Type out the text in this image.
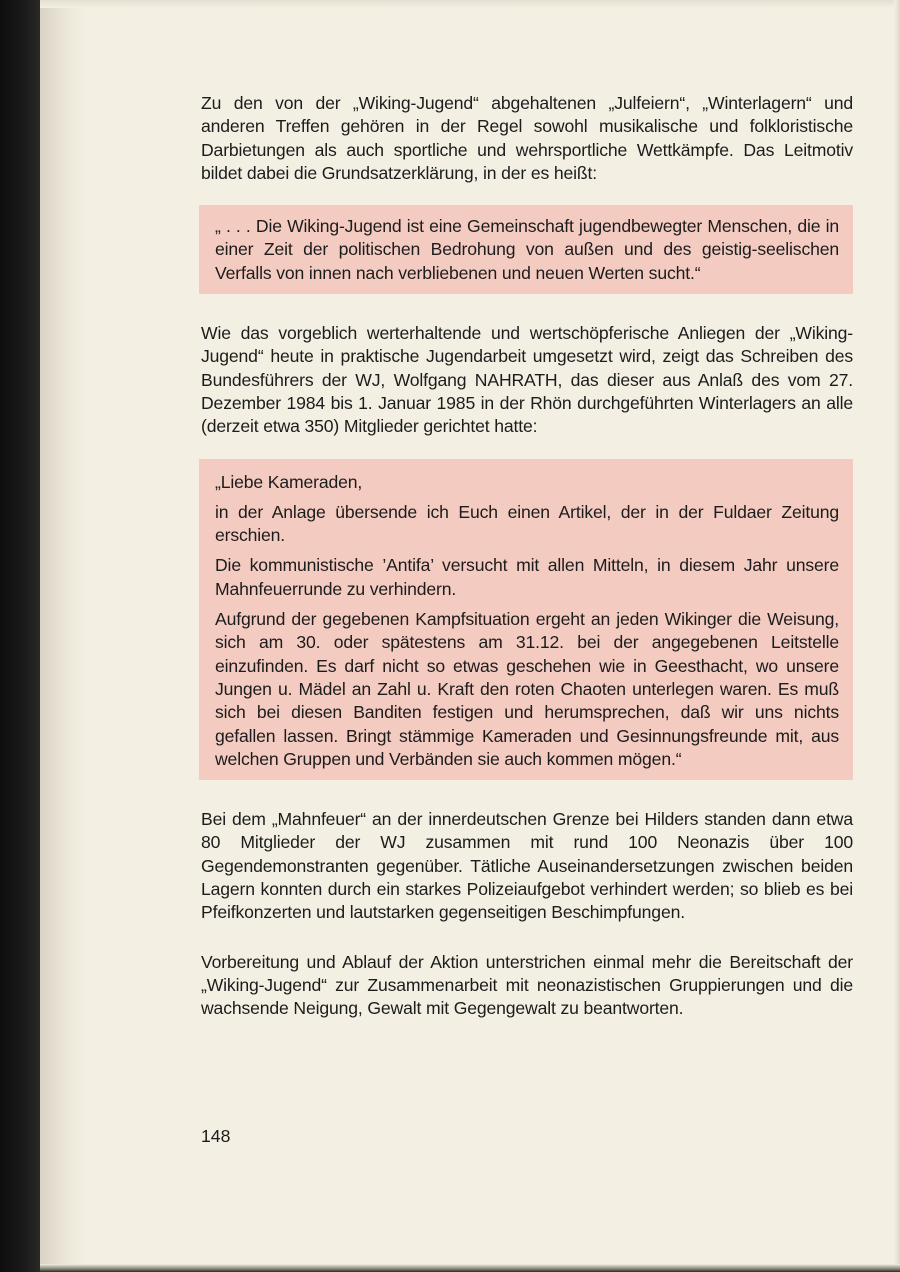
Zu den von der „Wiking-Jugend“ abgehaltenen „Julfeiern“, „Winterlagern“ und anderen Treffen gehören in der Regel sowohl musikalische und folkloristische Darbietungen als auch sportliche und wehrsportliche Wettkämpfe. Das Leitmotiv bildet dabei die Grundsatzerklärung, in der es heißt:

„ . . . Die Wiking-Jugend ist eine Gemeinschaft jugendbewegter Menschen, die in einer Zeit der politischen Bedrohung von außen und des geistig-seelischen Verfalls von innen nach verbliebenen und neuen Werten sucht.“

Wie das vorgeblich werterhaltende und wertschöpferische Anliegen der „Wiking-Jugend“ heute in praktische Jugendarbeit umgesetzt wird, zeigt das Schreiben des Bundesführers der WJ, Wolfgang NAHRATH, das dieser aus Anlaß des vom 27. Dezember 1984 bis 1. Januar 1985 in der Rhön durchgeführten Winterlagers an alle (derzeit etwa 350) Mitglieder gerichtet hatte:

„Liebe Kameraden,

in der Anlage übersende ich Euch einen Artikel, der in der Fuldaer Zeitung erschien.

Die kommunistische ’Antifa’ versucht mit allen Mitteln, in diesem Jahr unsere Mahnfeuerrunde zu verhindern.

Aufgrund der gegebenen Kampfsituation ergeht an jeden Wikinger die Weisung, sich am 30. oder spätestens am 31.12. bei der angegebenen Leitstelle einzufinden. Es darf nicht so etwas geschehen wie in Geesthacht, wo unsere Jungen u. Mädel an Zahl u. Kraft den roten Chaoten unterlegen waren. Es muß sich bei diesen Banditen festigen und herumsprechen, daß wir uns nichts gefallen lassen. Bringt stämmige Kameraden und Gesinnungsfreunde mit, aus welchen Gruppen und Verbänden sie auch kommen mögen.“

Bei dem „Mahnfeuer“ an der innerdeutschen Grenze bei Hilders standen dann etwa 80 Mitglieder der WJ zusammen mit rund 100 Neonazis über 100 Gegendemonstranten gegenüber. Tätliche Auseinandersetzungen zwischen beiden Lagern konnten durch ein starkes Polizeiaufgebot verhindert werden; so blieb es bei Pfeifkonzerten und lautstarken gegenseitigen Beschimpfungen.

Vorbereitung und Ablauf der Aktion unterstrichen einmal mehr die Bereitschaft der „Wiking-Jugend“ zur Zusammenarbeit mit neonazistischen Gruppierungen und die wachsende Neigung, Gewalt mit Gegengewalt zu beantworten.

148
